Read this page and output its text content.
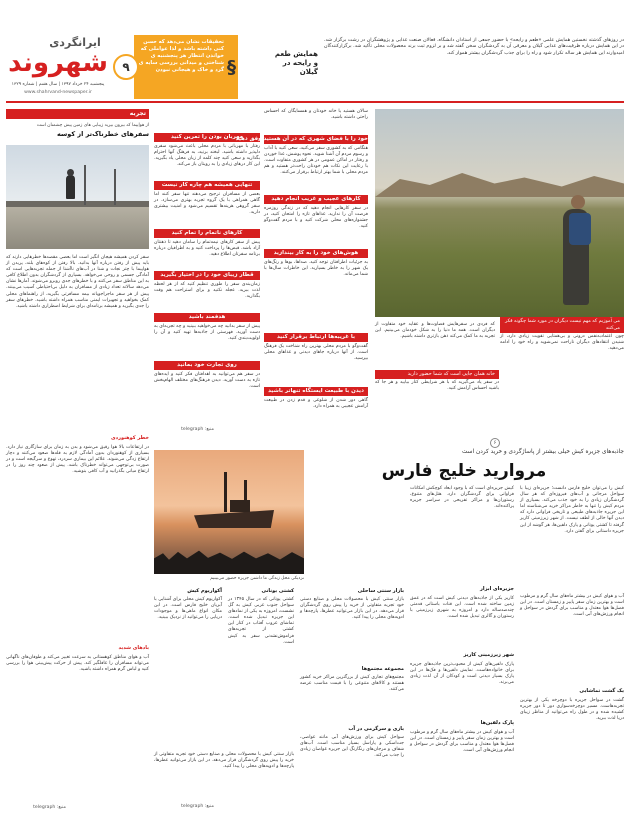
در روزهای گذشته نخستین همایش علمی «طعم و رایحه» با حضور جمعی از استادان دانشگاه، فعالان صنعت غذایی و پژوهشگران در رشت برگزار شد. در این همایش درباره ظرفیت‌های غذایی گیلان و معرفی آن به گردشگران سخن گفته شد و بر لزوم ثبت برند محصولات محلی تأکید شد. برگزارکنندگان امیدوارند این همایش هر ساله تکرار شود و راه را برای جذب گردشگران بیشتر هموار کند.
همایش طعم و رایحه در گیلان
تحقیقات نشان می‌دهد که حسن کنی داشته باشد و لذا عواملی که خواندن انتظار هر پنجشنبه ی شناختی و میدانی بررسی سایه ی گرد و خاک و هیجانی نبودن §
۹
ایرانگردی
شهروند
پنجشنبه ۲۴ خرداد ۱۳۹۷ | سال هفتم | شماره ۱۳۲۹
www.shahrvand-newspaper.ir
تجربه
از هواپیما که بیرون بپرید زیبایی های زمین پیش چشمتان است
سفرهای خطرناک‌تر از کوسه
سفر کردن همیشه هیجان انگیز است اما بعضی مقصدها خطرهایی دارند که باید پیش از رفتن درباره آنها بدانید. بالا رفتن از کوه‌های بلند، پریدن از هواپیما با چتر نجات و شنا در آب‌های ناآشنا از جمله تجربه‌هایی است که آمادگی جسمی و روحی می‌خواهد. بسیاری از گردشگران بدون اطلاع کافی به این مناطق سفر می‌کنند و با خطرهای جدی روبرو می‌شوند. آمارها نشان می‌دهد سالانه تعداد زیادی از مسافران به دلیل بی‌احتیاطی آسیب می‌بینند. پیش از هر سفر ماجراجویانه بیمه مسافرتی بگیرید، از راهنماهای محلی کمک بخواهید و تجهیزات ایمنی مناسب همراه داشته باشید. خطرهای سفر را جدی بگیرید و همیشه برنامه‌ای برای شرایط اضطراری داشته باشید.
خطر کوهنوردی
در ارتفاعات بالا هوا رقیق می‌شود و بدن به زمان برای سازگاری نیاز دارد. بسیاری از کوهنوردان بدون آمادگی لازم به قله‌ها صعود می‌کنند و دچار ارتفاع زدگی می‌شوند. علائم این بیماری سردرد، تهوع و سرگیجه است و در صورت بی‌توجهی می‌تواند خطرناک باشد. پیش از صعود چند روز را در ارتفاع میانی بگذرانید و آب کافی بنوشید.
بادهای شدید
آب و هوای مناطق کوهستانی به سرعت تغییر می‌کند و طوفان‌های ناگهانی می‌تواند مسافران را غافلگیر کند. پیش از حرکت پیش‌بینی هوا را بررسی کنید و لباس گرم همراه داشته باشید.
منبع: telegraph
مهربان بودن را تمرین کنید
رفتار با مهربانی با مردم محلی باعث می‌شود سفری دلپذیر داشته باشید. لبخند بزنید، به فرهنگ آنها احترام بگذارید و سعی کنید چند کلمه از زبان محلی یاد بگیرید. این کار درهای زیادی را به رویتان باز می‌کند.
تنهایی همیشه هم چاره کار نیست
بعضی از مسافران ترجیح می‌دهند تنها سفر کنند اما گاهی همراهی با یک گروه تجربه بهتری می‌سازد. در سفر گروهی هزینه‌ها تقسیم می‌شود و امنیت بیشتری دارید.
کارهای ناتمام را تمام کنید
پیش از سفر کارهای نیمه‌تمام را سامان دهید تا ذهنتان آزاد باشد. قبض‌ها را پرداخت کنید و به اطرافیان درباره برنامه سفرتان اطلاع دهید.
قطار زیبای خود را در اختیار بگیرید
زمان‌بندی سفر را طوری تنظیم کنید که از هر لحظه لذت ببرید. عجله نکنید و برای استراحت هم وقت بگذارید.
هدفمند باشید
پیش از سفر بدانید چه می‌خواهید ببینید و چه تجربه‌ای به دست آورید. فهرستی از جاذبه‌ها تهیه کنید و آن را اولویت‌بندی کنید.
روی تجارت خود بمانید
در سفر هم می‌توانید به اهدافتان فکر کنید و ایده‌های تازه به دست آورید. دیدن فرهنگ‌های مختلف الهام‌بخش است.
منبع: telegraph
سالان هستید یا خانه خودتان و همسایگان که احساس راحتی داشته باشید.
خود را با فضای شهری که در آن هستید وفق دهید
هنگامی که به کشوری سفر می‌کنید، سعی کنید با آداب و رسوم مردم آن آشنا شوید. نحوه پوشش، غذا خوردن و رفتار در اماکن عمومی در هر کشوری متفاوت است. با رعایت این نکات هم خودتان راحت‌تر هستید و هم مردم محلی با شما بهتر ارتباط برقرار می‌کنند.
کارهای عجیب و غریب انجام دهید
در سفر کارهایی انجام دهید که در زندگی روزمره فرصت آن را ندارید. غذاهای تازه را امتحان کنید، در جشنواره‌های محلی شرکت کنید و با مردم گفت‌وگو کنید.
هوش‌های خود را به کار بیندازید
به جزئیات اطرافتان توجه کنید. صداها، بوها و رنگ‌های یک شهر را به خاطر بسپارید. این خاطرات سال‌ها با شما می‌ماند.
با غریبه‌ها ارتباط برقرار کنید
گفت‌وگو با مردم محلی بهترین راه شناخت یک فرهنگ است. از آنها درباره جاهای دیدنی و غذاهای محلی بپرسید.
دیدن با طبیعت ایستگاه تنهاتر باشید
گاهی دور شدن از شلوغی و قدم زدن در طبیعت آرامش عجیبی به همراه دارد.
می آموزیم که مهم نیست دیگران در مورد شما چگونه فکر می‌کنند
چون اعتمادبه‌نفس درونی و بی‌همتایی تقویت زیادی دارد، از شنیدن انتقادهای دیگران ناراحت نمی‌شوید و راه خود را ادامه می‌دهید.
که فردی در سفرهایش قضاوت‌ها و عقاید خود متفاوت از دیگران است. همه ما دنیا را به شکل خودمان می‌بینیم. این تجربه به ما کمک می‌کند ذهن بازتری داشته باشیم.
خانه همان جایی است که شما حضور دارید
در سفر یاد می‌گیرید که با هر شرایطی کنار بیایید و هر جا که باشید احساس آرامش کنید.
۶
جاذبه‌های جزیره کیش خیلی بیشتر از پاساژگردی و خرید کردن است
مروارید خلیج فارس
نزدیکی محل زندگی ما داشتن جزیره حضور می‌بینیم
کیش را می‌توان خلیج فارس دانست؛ جزیره‌ای زیبا با سواحل مرجانی و آب‌های فیروزه‌ای که هر سال گردشگران زیادی را به خود جذب می‌کند. بسیاری از مردم کیش را تنها به خاطر مراکز خرید می‌شناسند اما این جزیره جاذبه‌های طبیعی و تاریخی فراوانی دارد که دیدن آنها خالی از لطف نیست. از شهر زیرزمینی کاریز گرفته تا کشتی یونانی و پارک دلفین‌ها، هر گوشه از این جزیره داستانی برای گفتن دارد.
آب و هوای کیش در بیشتر ماه‌های سال گرم و مرطوب است و بهترین زمان سفر پاییز و زمستان است. در این فصل‌ها هوا معتدل و مناسب برای گردش در سواحل و انجام ورزش‌های آبی است.
یک گشت تماشایی
گشت در سواحل جزیره با دوچرخه یکی از بهترین تجربه‌هاست. مسیر دوچرخه‌سواری دور تا دور جزیره کشیده شده و در طول راه می‌توانید از مناظر زیبای دریا لذت ببرید.
جزیره‌ای ابزار
کیش جزیره‌ای است که با وجود ابعاد کوچکش امکانات فراوانی برای گردشگران دارد. هتل‌های متنوع، رستوران‌ها و مراکز تفریحی در سراسر جزیره پراکنده‌اند.
شهر زیرزمینی کاریز
کاریز یکی از جاذبه‌های دیدنی کیش است که در عمق زمین ساخته شده است. این قنات باستانی قدمتی چندصدساله دارد و امروزه به شهری زیرزمینی با رستوران و گالری تبدیل شده است.
پارک دلفین‌ها
پارک دلفین‌های کیش از محبوب‌ترین جاذبه‌های جزیره برای خانواده‌هاست. نمایش دلفین‌ها و فک‌ها در این پارک بسیار دیدنی است و کودکان از آن لذت زیادی می‌برند.
آب و هوای کیش در بیشتر ماه‌های سال گرم و مرطوب است و بهترین زمان سفر پاییز و زمستان است. در این فصل‌ها هوا معتدل و مناسب برای گردش در سواحل و انجام ورزش‌های آبی است.
بازار سنتی ساحلی
بازار سنتی کیش با محصولات محلی و صنایع دستی خود تجربه متفاوتی از خرید را پیش روی گردشگران قرار می‌دهد. در این بازار می‌توانید عطرها، پارچه‌ها و ادویه‌های محلی را پیدا کنید.
مجموعه مجتمع‌ها
مجتمع‌های تجاری کیش از بزرگترین مراکز خرید کشور هستند و کالاهای متنوعی را با قیمت مناسب عرضه می‌کنند.
بازی و سرگرمی در آب
سواحل کیش برای ورزش‌های آبی مانند غواصی، جت‌اسکی و پاراسل بسیار مناسب است. آب‌های شفاف و مرجان‌های رنگارنگ این جزیره غواصان زیادی را جذب می‌کند.
کشتی یونانی
کشتی یونانی که در سال ۱۳۴۵ در سواحل جنوب غربی کیش به گل نشست، امروزه به یکی از نمادهای این جزیره تبدیل شده است. تماشای غروب آفتاب در کنار این کشتی از تجربه‌های فراموش‌نشدنی سفر به کیش است.
آکواریوم کیش
آکواریوم کیش محلی برای آشنایی با آبزیان خلیج فارس است. در این مکان انواع ماهی‌ها و موجودات دریایی را می‌توانید از نزدیک ببینید.
بازار سنتی کیش با محصولات محلی و صنایع دستی خود تجربه متفاوتی از خرید را پیش روی گردشگران قرار می‌دهد. در این بازار می‌توانید عطرها، پارچه‌ها و ادویه‌های محلی را پیدا کنید.
منبع: telegraph
